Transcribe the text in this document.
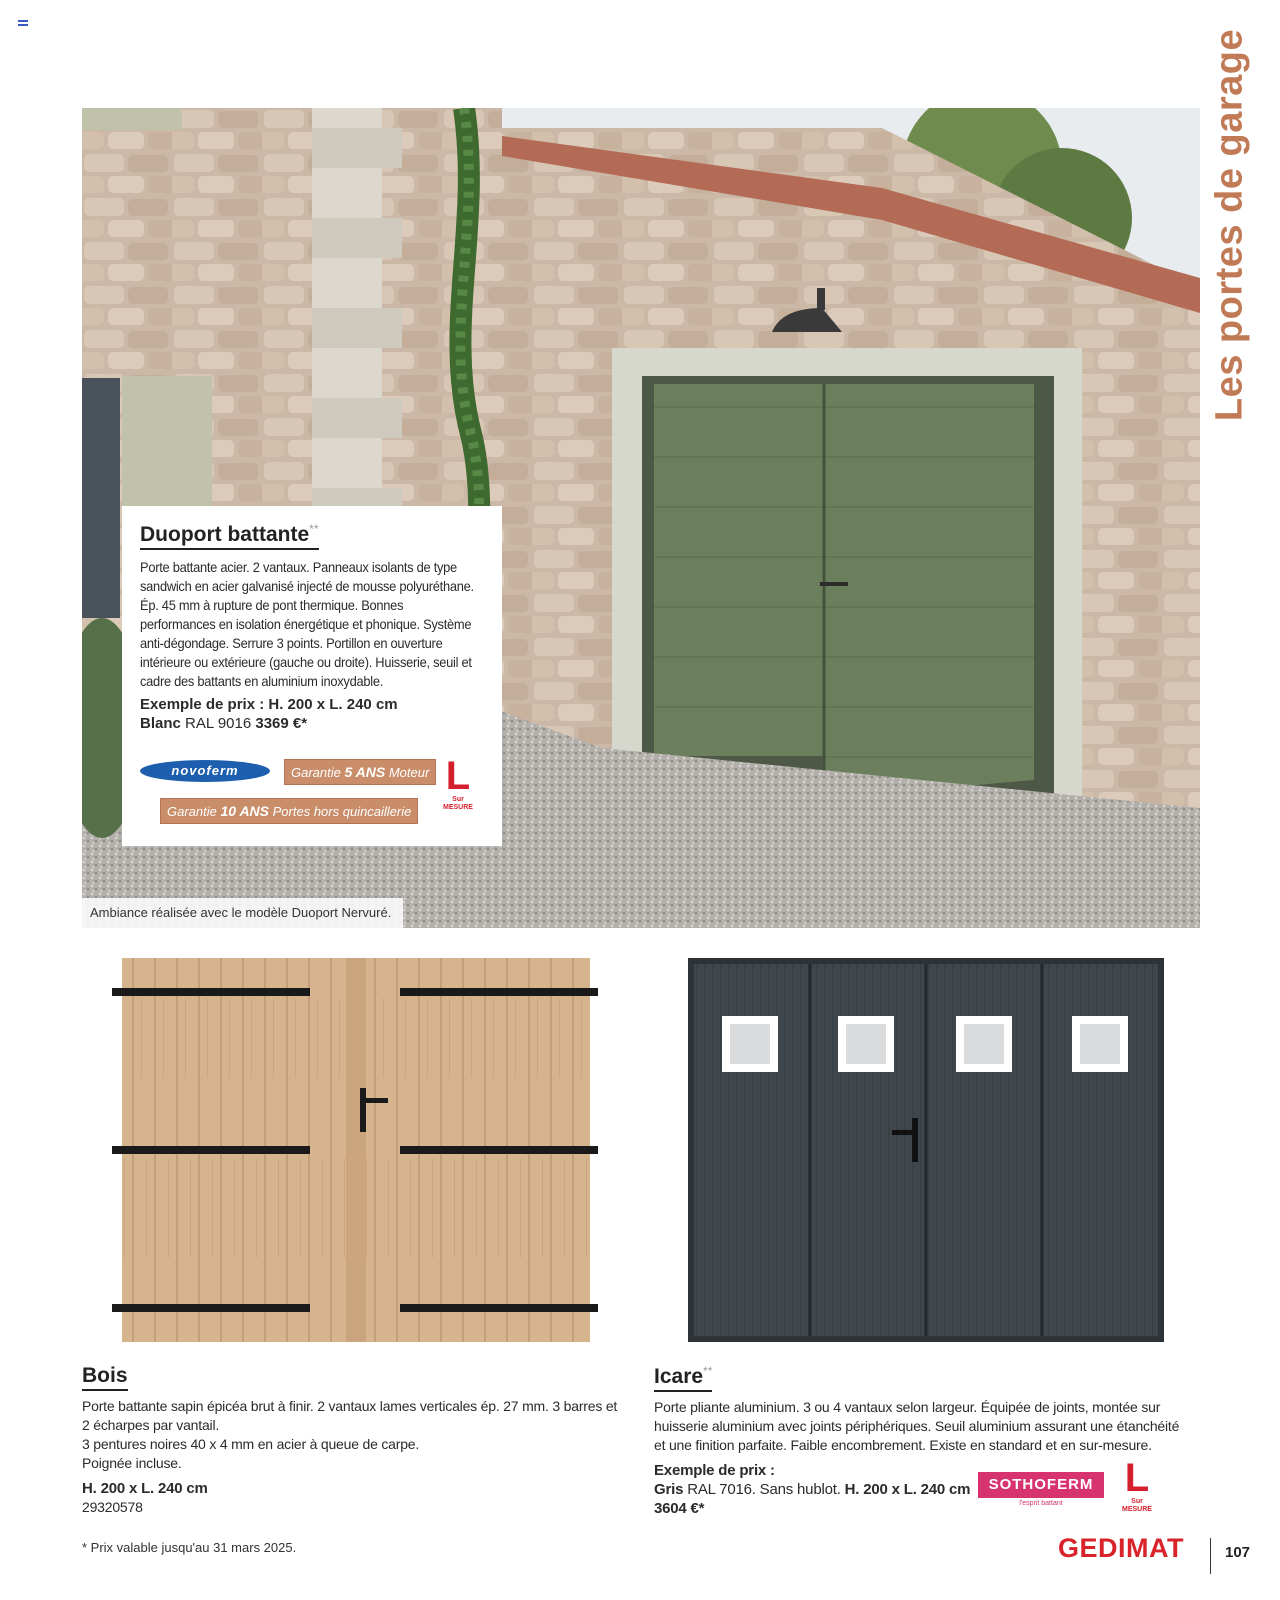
Les portes de garage
Ambiance réalisée avec le modèle Duoport Nervuré.
Duoport battante**

Porte battante acier. 2 vantaux. Panneaux isolants de type sandwich en acier galvanisé injecté de mousse polyuréthane. Ép. 45 mm à rupture de pont thermique. Bonnes performances en isolation énergétique et phonique. Système anti-dégondage. Serrure 3 points. Portillon en ouverture intérieure ou extérieure (gauche ou droite). Huisserie, seuil et cadre des battants en aluminium inoxydable.

Exemple de prix : H. 200 x L. 240 cm
Blanc RAL 9016 3369 €*
novoferm	Garantie 5 ANS Moteur
Garantie 10 ANS Portes hors quincaillerie
L
Sur
MESURE
Bois

Porte battante sapin épicéa brut à finir. 2 vantaux lames verticales ép. 27 mm. 3 barres et 2 écharpes par vantail.
3 pentures noires 40 x 4 mm en acier à queue de carpe.
Poignée incluse.

H. 200 x L. 240 cm

29320578

Icare**

Porte pliante aluminium. 3 ou 4 vantaux selon largeur. Équipée de joints, montée sur huisserie aluminium avec joints périphériques. Seuil aluminium assurant une étanchéité et une finition parfaite. Faible encombrement. Existe en standard et en sur-mesure.

Exemple de prix :
Gris RAL 7016. Sans hublot. H. 200 x L. 240 cm
3604 €*

SOTHOFERM
l'esprit battant
L
Sur
MESURE
* Prix valable jusqu'au 31 mars 2025.	GEDIMAT	107
